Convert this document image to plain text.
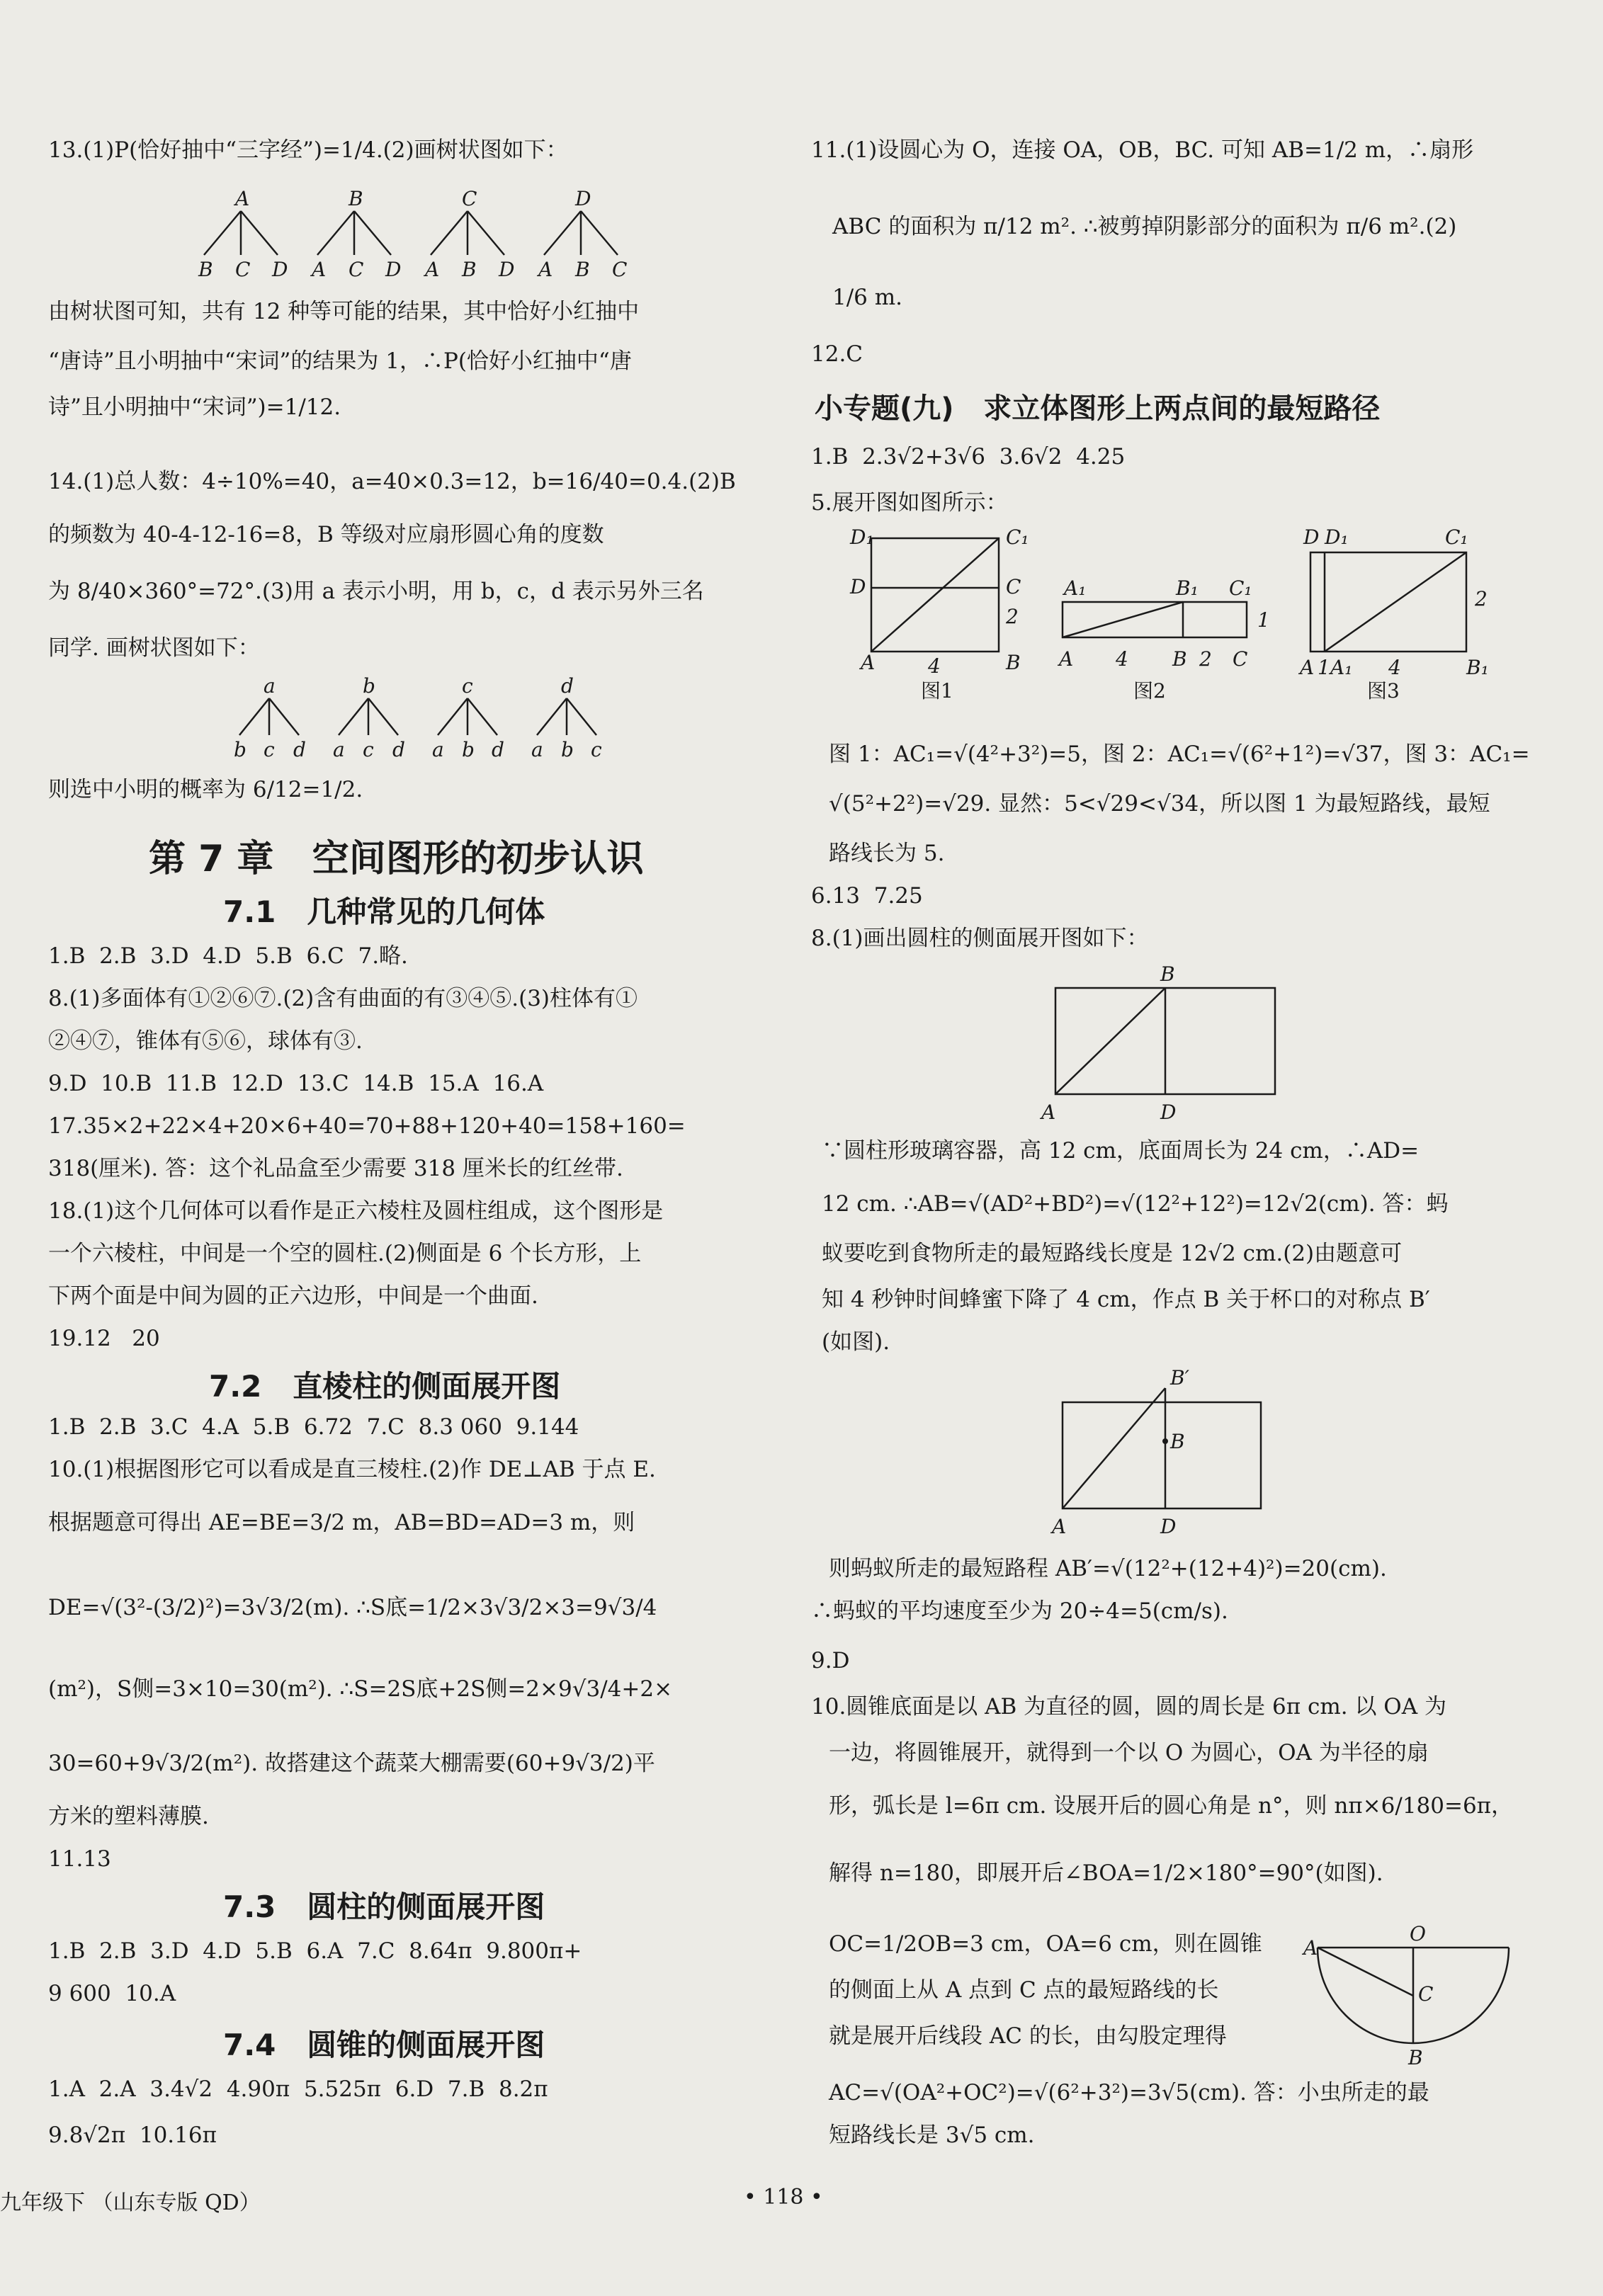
13.(1)P(恰好抽中“三字经”)=1/4.(2)画树状图如下：
A
B C D
B
A C D
C
A B D
D
A B C
由树状图可知，共有 12 种等可能的结果，其中恰好小红抽中
“唐诗”且小明抽中“宋词”的结果为 1，∴P(恰好小红抽中“唐
诗”且小明抽中“宋词”)=1/12.
14.(1)总人数：4÷10%=40，a=40×0.3=12，b=16/40=0.4.(2)B
的频数为 40-4-12-16=8，B 等级对应扇形圆心角的度数
为 8/40×360°=72°.(3)用 a 表示小明，用 b，c，d 表示另外三名
同学. 画树状图如下：
a
b c d
b
a c d
c
a b d
d
a b c
则选中小明的概率为 6/12=1/2.
第 7 章   空间图形的初步认识
7.1   几种常见的几何体
1.B  2.B  3.D  4.D  5.B  6.C  7.略.
8.(1)多面体有①②⑥⑦.(2)含有曲面的有③④⑤.(3)柱体有①
②④⑦，锥体有⑤⑥，球体有③.
9.D  10.B  11.B  12.D  13.C  14.B  15.A  16.A
17.35×2+22×4+20×6+40=70+88+120+40=158+160=
318(厘米). 答：这个礼品盒至少需要 318 厘米长的红丝带.
18.(1)这个几何体可以看作是正六棱柱及圆柱组成，这个图形是
一个六棱柱，中间是一个空的圆柱.(2)侧面是 6 个长方形，上
下两个面是中间为圆的正六边形，中间是一个曲面.
19.12   20
7.2   直棱柱的侧面展开图
1.B  2.B  3.C  4.A  5.B  6.72  7.C  8.3 060  9.144
10.(1)根据图形它可以看成是直三棱柱.(2)作 DE⊥AB 于点 E.
根据题意可得出 AE=BE=3/2 m，AB=BD=AD=3 m，则
DE=√(3²-(3/2)²)=3√3/2(m). ∴S底=1/2×3√3/2×3=9√3/4
(m²)，S侧=3×10=30(m²). ∴S=2S底+2S侧=2×9√3/4+2×
30=60+9√3/2(m²). 故搭建这个蔬菜大棚需要(60+9√3/2)平
方米的塑料薄膜.
11.13
7.3   圆柱的侧面展开图
1.B  2.B  3.D  4.D  5.B  6.A  7.C  8.64π  9.800π+
9 600  10.A
7.4   圆锥的侧面展开图
1.A  2.A  3.4√2  4.90π  5.525π  6.D  7.B  8.2π
9.8√2π  10.16π
11.(1)设圆心为 O，连接 OA，OB，BC. 可知 AB=1/2 m，∴扇形
ABC 的面积为 π/12 m². ∴被剪掉阴影部分的面积为 π/6 m².(2)
1/6 m.
12.C
小专题(九)   求立体图形上两点间的最短路径
1.B  2.3√2+3√6  3.6√2  4.25
5.展开图如图所示：
D₁	C₁
D	C
2
A	B
4
图1
A₁	B₁ C₁
1
A 4 B 2 C
图2
D D₁	C₁
2
A 1 A₁ 4	B₁
图3
图 1：AC₁=√(4²+3²)=5，图 2：AC₁=√(6²+1²)=√37，图 3：AC₁=
√(5²+2²)=√29. 显然：5<√29<√34，所以图 1 为最短路线，最短
路线长为 5.
6.13  7.25
8.(1)画出圆柱的侧面展开图如下：
B
A	D
∵圆柱形玻璃容器，高 12 cm，底面周长为 24 cm，∴AD=
12 cm. ∴AB=√(AD²+BD²)=√(12²+12²)=12√2(cm). 答：蚂
蚁要吃到食物所走的最短路线长度是 12√2 cm.(2)由题意可
知 4 秒钟时间蜂蜜下降了 4 cm，作点 B 关于杯口的对称点 B′
(如图).
B′
B
A	D
则蚂蚁所走的最短路程 AB′=√(12²+(12+4)²)=20(cm).
∴蚂蚁的平均速度至少为 20÷4=5(cm/s).
9.D
10.圆锥底面是以 AB 为直径的圆，圆的周长是 6π cm. 以 OA 为
一边，将圆锥展开，就得到一个以 O 为圆心，OA 为半径的扇
形，弧长是 l=6π cm. 设展开后的圆心角是 n°，则 nπ×6/180=6π，
解得 n=180，即展开后∠BOA=1/2×180°=90°(如图).
OC=1/2OB=3 cm，OA=6 cm，则在圆锥
的侧面上从 A 点到 C 点的最短路线的长
就是展开后线段 AC 的长，由勾股定理得
AC=√(OA²+OC²)=√(6²+3²)=3√5(cm). 答：小虫所走的最
短路线长是 3√5 cm.
O
A
C
B
九年级下 （山东专版 QD）	• 118 •
